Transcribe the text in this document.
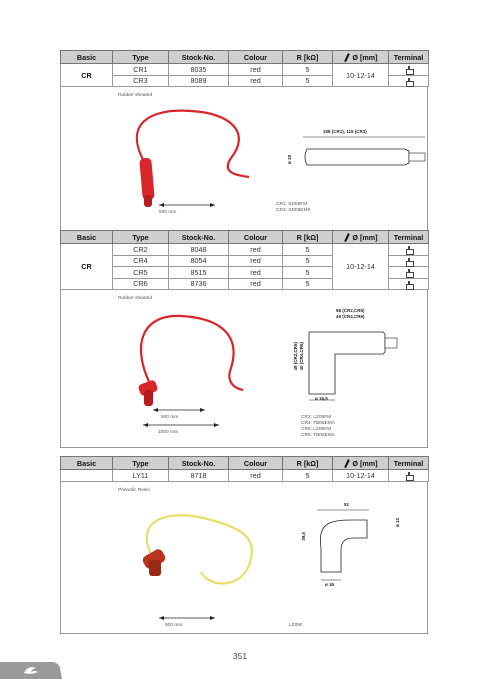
Basic	Type	Stock-No.	Colour	R [kΩ]	Ø [mm]	Terminal
CR	CR1	8035	red	5	10-12-14	
	CR3	8089	red	5		
Rubber sheated
500 mm
108 (CR1), 115 (CR3)
ø 19
CR1: SD05FM
CR3: SD05EMK
Basic	Type	Stock-No.	Colour	R [kΩ]	Ø [mm]	Terminal
CR	CR2	8048	red	5	10-12-14	
	CR4	8054	red	5		
	CR5	8515	red	5		
	CR6	8736	red	5		
Rubber sheated
500 mm
1000 mm
58 (CR2,CR5)
49 (CR4,CR6)
49 (CR2,CR5) 40 (CR4,CR6)
ø 16,5
CR2: LZ05FM
CR4: TB05EMA
CR5: LZ05FM
CR6: TB05EMA
Basic	Type	Stock-No.	Colour	R [kΩ]	Ø [mm]	Terminal
	LY11	8718	red	5	10-12-14	
Phenolic Resin
500 mm
51
39,5
ø 13
ø 16
LZ05F
351
